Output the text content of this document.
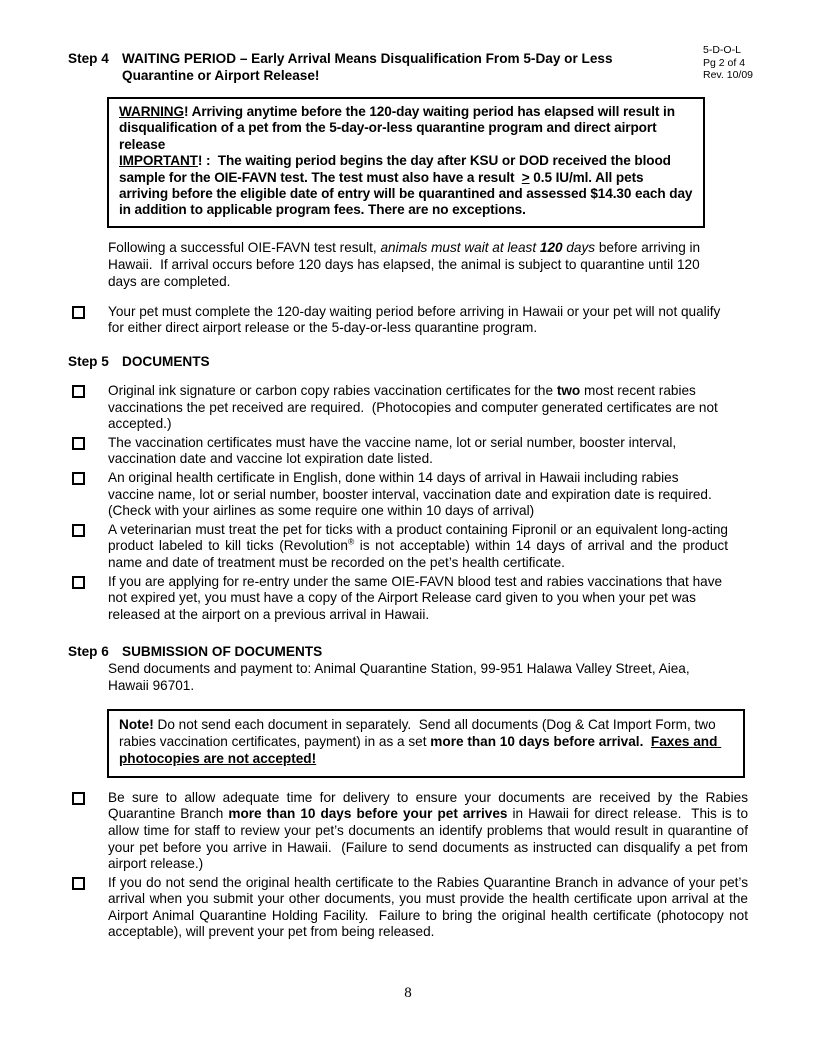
5-D-O-L
Pg 2 of 4
Rev. 10/09
Step 4 WAITING PERIOD – Early Arrival Means Disqualification From 5-Day or Less
Quarantine or Airport Release!
WARNING! Arriving anytime before the 120-day waiting period has elapsed will result in disqualification of a pet from the 5-day-or-less quarantine program and direct airport release
IMPORTANT! :  The waiting period begins the day after KSU or DOD received the blood sample for the OIE-FAVN test. The test must also have a result  ≥ 0.5 IU/ml. All pets arriving before the eligible date of entry will be quarantined and assessed $14.30 each day in addition to applicable program fees. There are no exceptions.

Following a successful OIE-FAVN test result, animals must wait at least 120 days before arriving in Hawaii.  If arrival occurs before 120 days has elapsed, the animal is subject to quarantine until 120 days are completed.

Your pet must complete the 120-day waiting period before arriving in Hawaii or your pet will not qualify for either direct airport release or the 5-day-or-less quarantine program.

Step 5 DOCUMENTS

Original ink signature or carbon copy rabies vaccination certificates for the two most recent rabies vaccinations the pet received are required.  (Photocopies and computer generated certificates are not accepted.)

The vaccination certificates must have the vaccine name, lot or serial number, booster interval, vaccination date and vaccine lot expiration date listed.

An original health certificate in English, done within 14 days of arrival in Hawaii including rabies vaccine name, lot or serial number, booster interval, vaccination date and expiration date is required.  (Check with your airlines as some require one within 10 days of arrival)

A veterinarian must treat the pet for ticks with a product containing Fipronil or an equivalent long-acting product labeled to kill ticks (Revolution® is not acceptable) within 14 days of arrival and the product name and date of treatment must be recorded on the pet’s health certificate.

If you are applying for re-entry under the same OIE-FAVN blood test and rabies vaccinations that have not expired yet, you must have a copy of the Airport Release card given to you when your pet was released at the airport on a previous arrival in Hawaii.

Step 6 SUBMISSION OF DOCUMENTS

Send documents and payment to: Animal Quarantine Station, 99-951 Halawa Valley Street, Aiea, Hawaii 96701.

Note! Do not send each document in separately.  Send all documents (Dog & Cat Import Form, two rabies vaccination certificates, payment) in as a set more than 10 days before arrival.  Faxes and photocopies are not accepted!

Be sure to allow adequate time for delivery to ensure your documents are received by the Rabies Quarantine Branch more than 10 days before your pet arrives in Hawaii for direct release.  This is to allow time for staff to review your pet’s documents an identify problems that would result in quarantine of your pet before you arrive in Hawaii.  (Failure to send documents as instructed can disqualify a pet from airport release.)

If you do not send the original health certificate to the Rabies Quarantine Branch in advance of your pet’s arrival when you submit your other documents, you must provide the health certificate upon arrival at the Airport Animal Quarantine Holding Facility.  Failure to bring the original health certificate (photocopy not acceptable), will prevent your pet from being released.

8
